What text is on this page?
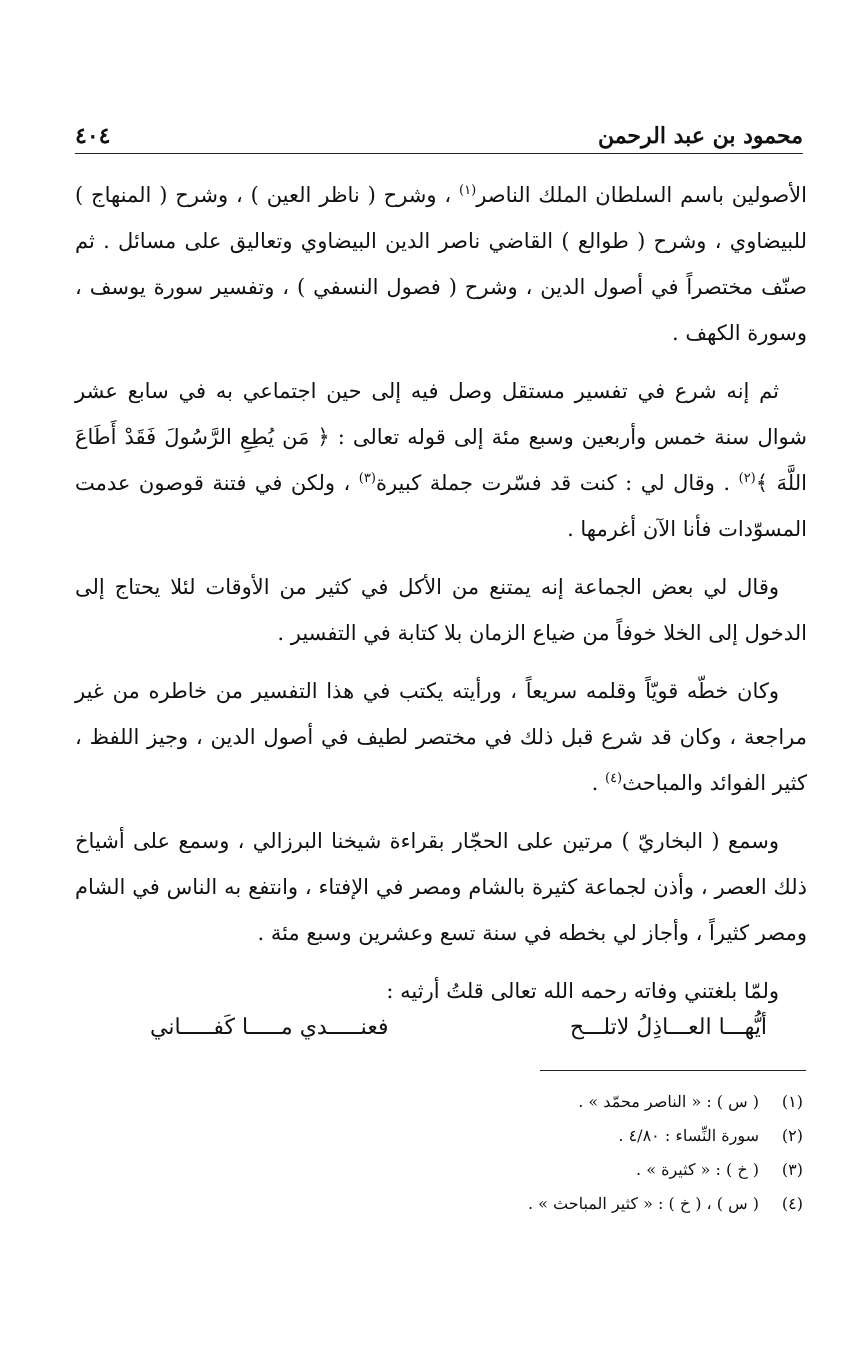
محمود بن عبد الرحمن
٤٠٤

الأصولين باسم السلطان الملك الناصر$^{(١)}$ ، وشرح ( ناظر العين ) ، وشرح ( المنهاج ) للبيضاوي ، وشرح ( طوالع ) القاضي ناصر الدين البيضاوي وتعاليق على مسائل . ثم صنّف مختصراً في أصول الدين ، وشرح ( فصول النسفي ) ، وتفسير سورة يوسف ، وسورة الكهف .

ثم إنه شرع في تفسير مستقل وصل فيه إلى حين اجتماعي به في سابع عشر شوال سنة خمس وأربعين وسبع مئة إلى قوله تعالى : ﴿ مَن يُطِعِ الرَّسُولَ فَقَدْ أَطَاعَ اللَّهَ ﴾$^{(٢)}$ . وقال لي : كنت قد فسّرت جملة كبيرة$^{(٣)}$ ، ولكن في فتنة قوصون عدمت المسوّدات فأنا الآن أغرمها .

وقال لي بعض الجماعة إنه يمتنع من الأكل في كثير من الأوقات لئلا يحتاج إلى الدخول إلى الخلا خوفاً من ضياع الزمان بلا كتابة في التفسير .

وكان خطّه قويّاً وقلمه سريعاً ، ورأيته يكتب في هذا التفسير من خاطره من غير مراجعة ، وكان قد شرع قبل ذلك في مختصر لطيف في أصول الدين ، وجيز اللفظ ، كثير الفوائد والمباحث$^{(٤)}$ .

وسمع ( البخاريّ ) مرتين على الحجّار بقراءة شيخنا البرزالي ، وسمع على أشياخ ذلك العصر ، وأذن لجماعة كثيرة بالشام ومصر في الإفتاء ، وانتفع به الناس في الشام ومصر كثيراً ، وأجاز لي بخطه في سنة تسع وعشرين وسبع مئة .

ولمّا بلغتني وفاته رحمه الله تعالى قلتُ أرثيه :

أيُّهـــا العـــاذِلُ لاتلـــح
فعنـــــدي مـــــا كَفـــــاني
(١)
( س ) : « الناصر محمّد » .
(٢)
سورة النِّساء : ٤/٨٠ .
(٣)
( خ ) : « كثيرة » .
(٤)
( س ) ، ( خ ) : « كثير المباحث » .
